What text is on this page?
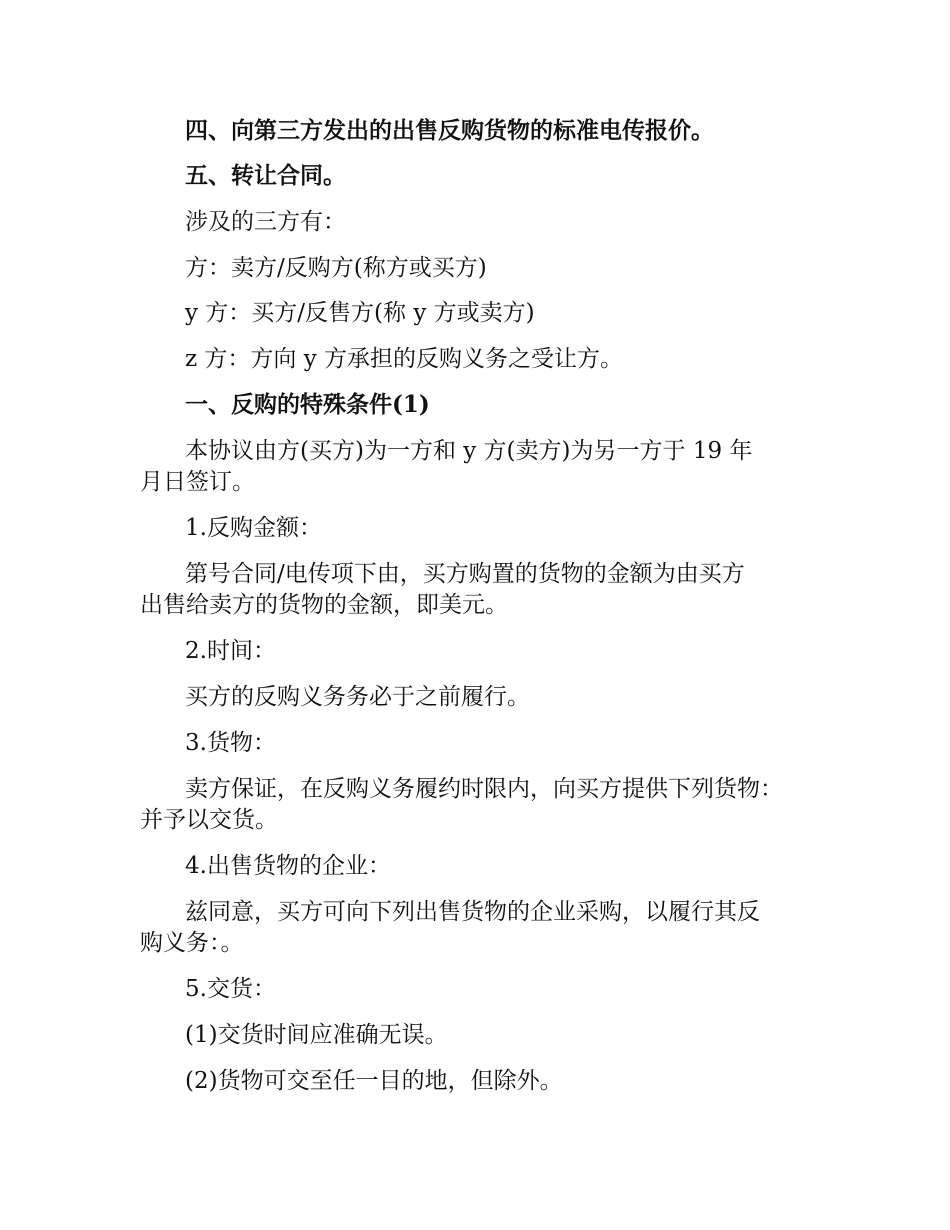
四、向第三方发出的出售反购货物的标准电传报价。
五、转让合同。
涉及的三方有：
方：卖方/反购方(称方或买方)
y 方：买方/反售方(称 y 方或卖方)
z 方：方向 y 方承担的反购义务之受让方。
一、反购的特殊条件(1)
本协议由方(买方)为一方和 y 方(卖方)为另一方于 19 年
月日签订。
1.反购金额：
第号合同/电传项下由，买方购置的货物的金额为由买方
出售给卖方的货物的金额，即美元。
2.时间：
买方的反购义务务必于之前履行。
3.货物：
卖方保证，在反购义务履约时限内，向买方提供下列货物：
并予以交货。
4.出售货物的企业：
兹同意，买方可向下列出售货物的企业采购，以履行其反
购义务：。
5.交货：
(1)交货时间应准确无误。
(2)货物可交至任一目的地，但除外。
